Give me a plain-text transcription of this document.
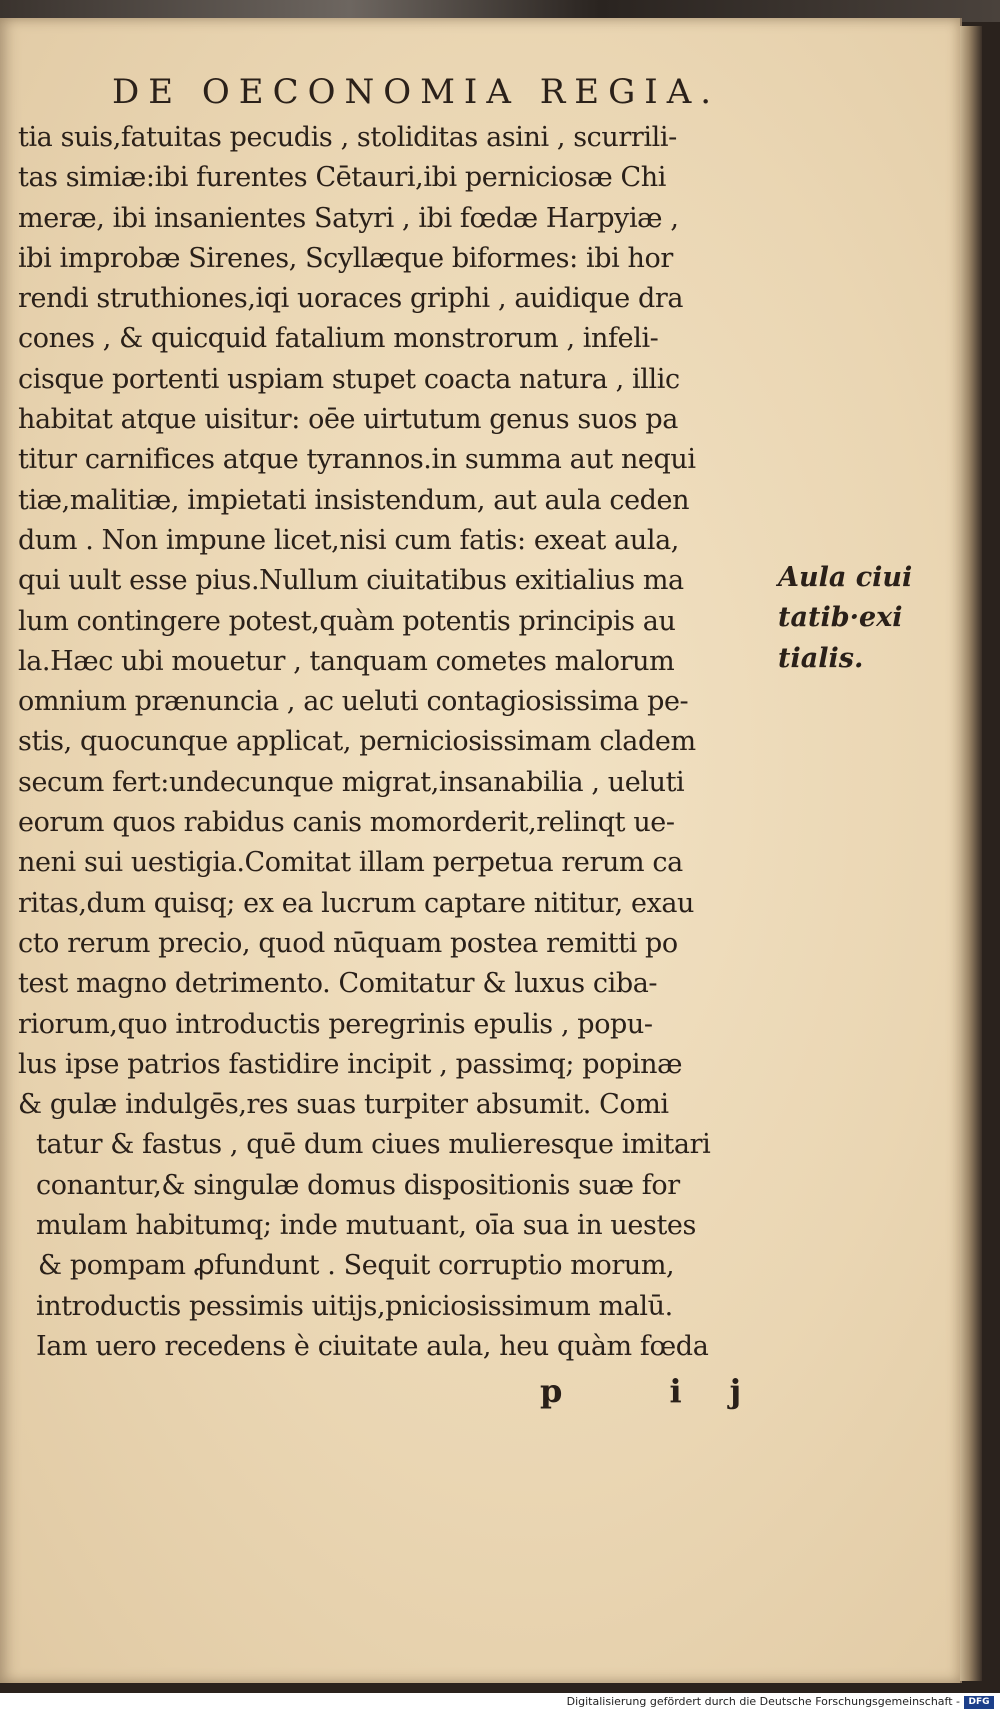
DE OECONOMIA REGIA.
tia suis,fatuitas pecudis , stoliditas asini , scurrili-
tas simiæ:ibi furentes Cētauri,ibi perniciosæ Chi
meræ, ibi insanientes Satyri , ibi fœdæ Harpyiæ ,
ibi improbæ Sirenes, Scyllæque biformes: ibi hor
rendi struthiones,iqi uoraces griphi , auidique dra
cones , & quicquid fatalium monstrorum , infeli-
cisque portenti uspiam stupet coacta natura , illic
habitat atque uisitur: oēe uirtutum genus suos pa
titur carnifices atque tyrannos.in summa aut nequi
tiæ,malitiæ, impietati insistendum, aut aula ceden
dum . Non impune licet,nisi cum fatis: exeat aula,
qui uult esse pius.Nullum ciuitatibus exitialius ma
lum contingere potest,quàm potentis principis au
la.Hæc ubi mouetur , tanquam cometes malorum
omnium prænuncia , ac ueluti contagiosissima pe-
stis, quocunque applicat, perniciosissimam cladem
secum fert:undecunque migrat,insanabilia , ueluti
eorum quos rabidus canis momorderit,relinqt ue-
neni sui uestigia.Comitat illam perpetua rerum ca
ritas,dum quisq; ex ea lucrum captare nititur, exau
cto rerum precio, quod nūquam postea remitti po
test magno detrimento. Comitatur & luxus ciba-
riorum,quo introductis peregrinis epulis , popu-
lus ipse patrios fastidire incipit , passimq; popinæ
& gulæ indulgēs,res suas turpiter absumit. Comi
tatur & fastus , quē dum ciues mulieresque imitari
conantur,& singulæ domus dispositionis suæ for
mulam habitumq; inde mutuant, oīa sua in uestes
& pompam ꝓfundunt . Sequit corruptio morum,
introductis pessimis uitijs,pniciosissimum malū.
Iam uero recedens è ciuitate aula, heu quàm fœda
Aula ciui
tatib·exi
tialis.
p ij
Digitalisierung gefördert durch die Deutsche Forschungsgemeinschaft - DFG
